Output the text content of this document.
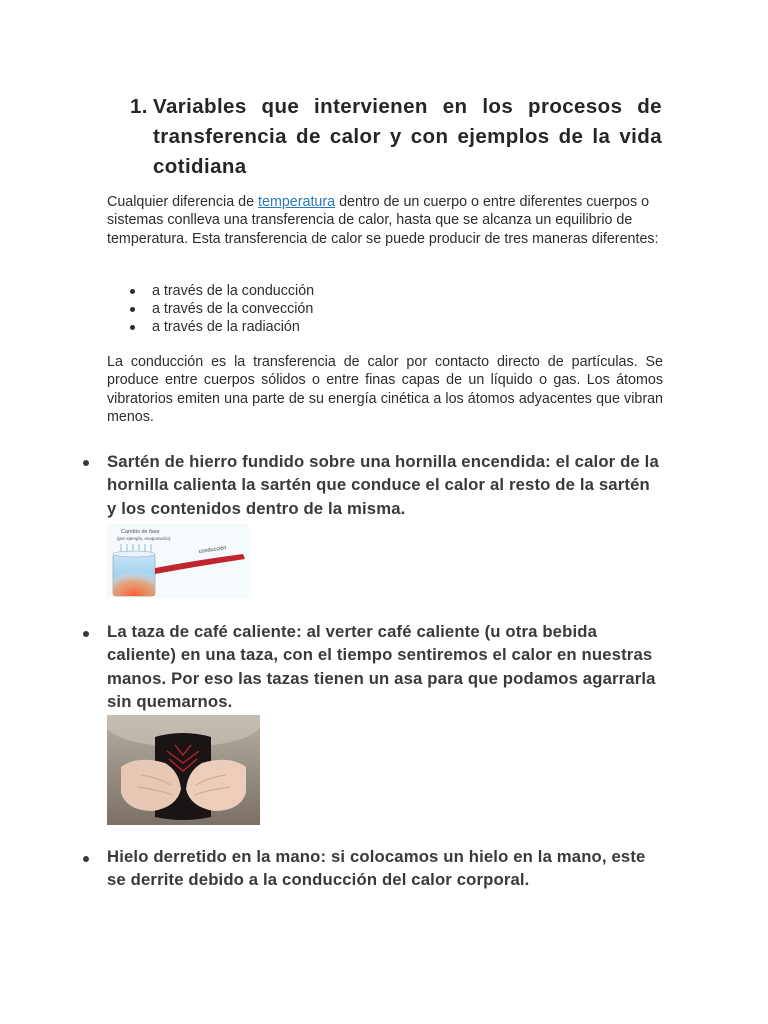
1. Variables que intervienen en los procesos de transferencia de calor y con ejemplos de la vida cotidiana

Cualquier diferencia de temperatura dentro de un cuerpo o entre diferentes cuerpos o sistemas conlleva una transferencia de calor, hasta que se alcanza un equilibrio de temperatura. Esta transferencia de calor se puede producir de tres maneras diferentes:

a través de la conducción
a través de la convección
a través de la radiación

La conducción es la transferencia de calor por contacto directo de partículas. Se produce entre cuerpos sólidos o entre finas capas de un líquido o gas. Los átomos vibratorios emiten una parte de su energía cinética a los átomos adyacentes que vibran menos.

Sartén de hierro fundido sobre una hornilla encendida: el calor de la hornilla calienta la sartén que conduce el calor al resto de la sartén y los contenidos dentro de la misma.
Cambio de fase
(por ejemplo, evaporación)
conducción
La taza de café caliente: al verter café caliente (u otra bebida caliente) en una taza, con el tiempo sentiremos el calor en nuestras manos. Por eso las tazas tienen un asa para que podamos agarrarla sin quemarnos.
Hielo derretido en la mano: si colocamos un hielo en la mano, este se derrite debido a la conducción del calor corporal.
